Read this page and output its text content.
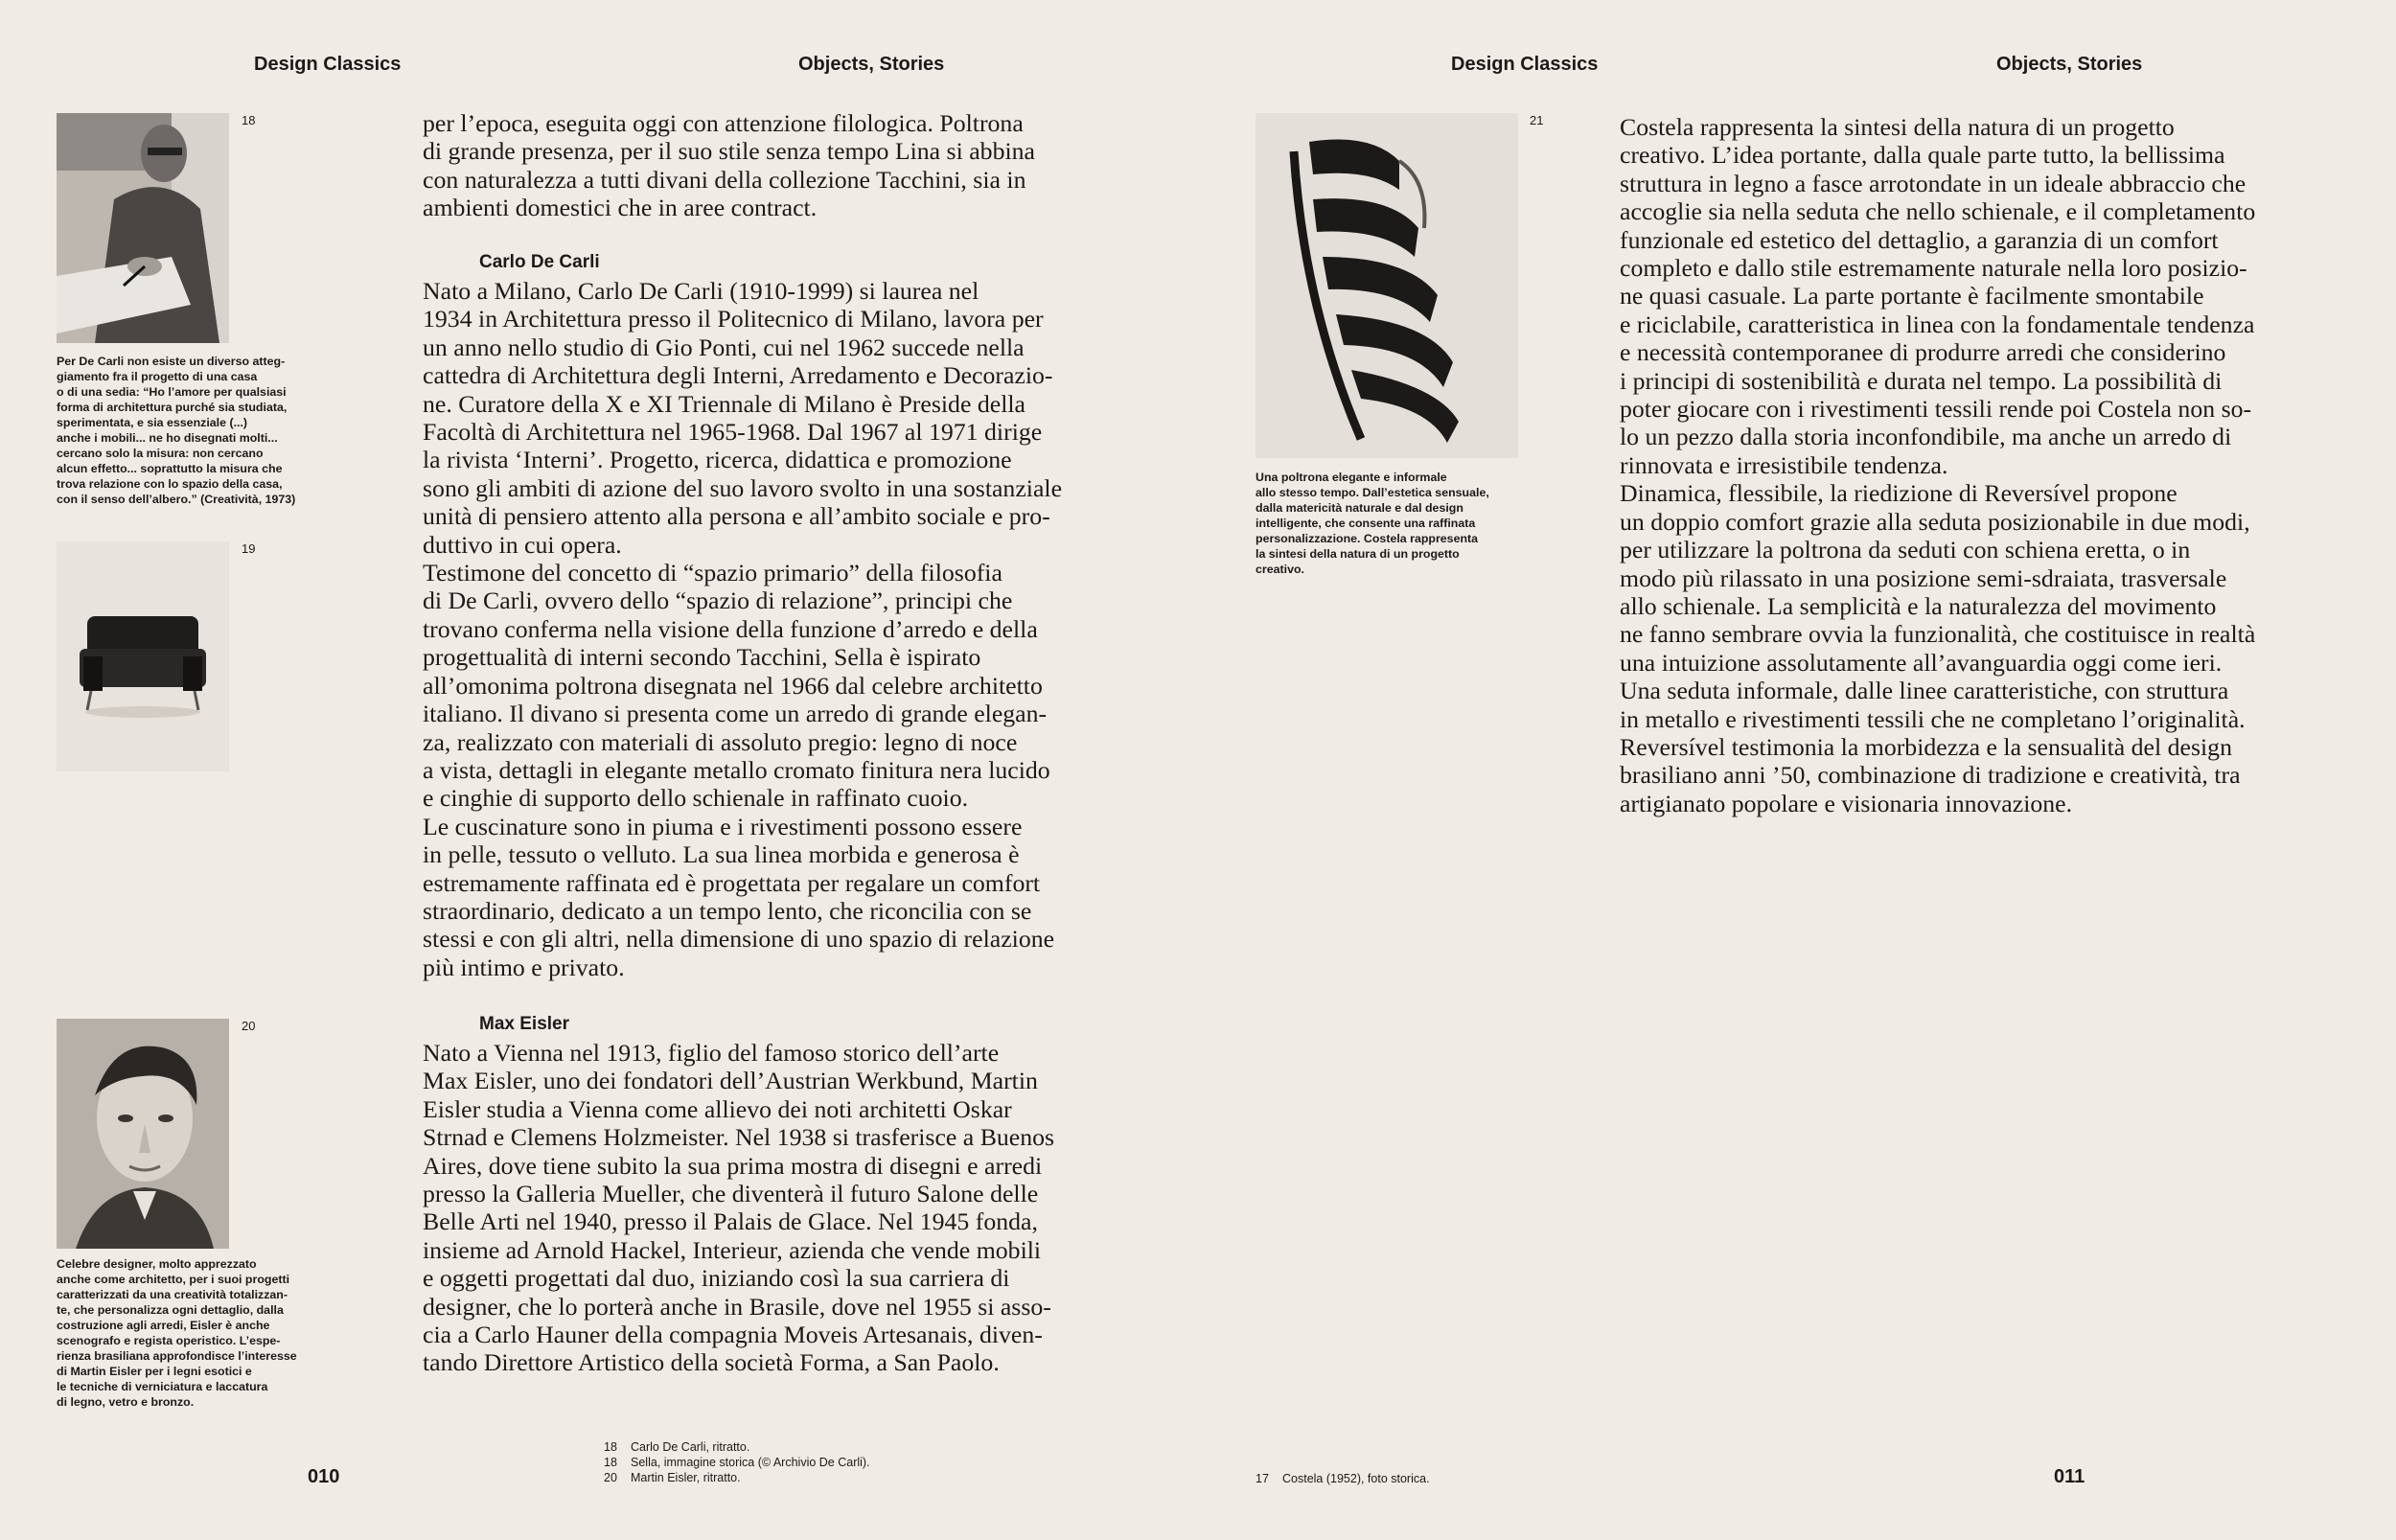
Design Classics	Objects, Stories
18
Per De Carli non esiste un diverso atteg-
giamento fra il progetto di una casa
o di una sedia: “Ho l’amore per qualsiasi
forma di architettura purché sia studiata,
sperimentata, e sia essenziale (...)
anche i mobili... ne ho disegnati molti...
cercano solo la misura: non cercano
alcun effetto... soprattutto la misura che
trova relazione con lo spazio della casa,
con il senso dell’albero.” (Creatività, 1973)
19
20
Celebre designer, molto apprezzato
anche come architetto, per i suoi progetti
caratterizzati da una creatività totalizzan-
te, che personalizza ogni dettaglio, dalla
costruzione agli arredi, Eisler è anche
scenografo e regista operistico. L’espe-
rienza brasiliana approfondisce l’interesse
di Martin Eisler per i legni esotici e
le tecniche di verniciatura e laccatura
di legno, vetro e bronzo.
per l’epoca, eseguita oggi con attenzione filologica. Poltrona
di grande presenza, per il suo stile senza tempo Lina si abbina
con naturalezza a tutti divani della collezione Tacchini, sia in
ambienti domestici che in aree contract.
Carlo De Carli
Nato a Milano, Carlo De Carli (1910-1999) si laurea nel
1934 in Architettura presso il Politecnico di Milano, lavora per
un anno nello studio di Gio Ponti, cui nel 1962 succede nella
cattedra di Architettura degli Interni, Arredamento e Decorazio-
ne. Curatore della X e XI Triennale di Milano è Preside della
Facoltà di Architettura nel 1965-1968. Dal 1967 al 1971 dirige
la rivista ‘Interni’. Progetto, ricerca, didattica e promozione
sono gli ambiti di azione del suo lavoro svolto in una sostanziale
unità di pensiero attento alla persona e all’ambito sociale e pro-
duttivo in cui opera.
Testimone del concetto di “spazio primario” della filosofia
di De Carli, ovvero dello “spazio di relazione”, principi che
trovano conferma nella visione della funzione d’arredo e della
progettualità di interni secondo Tacchini, Sella è ispirato
all’omonima poltrona disegnata nel 1966 dal celebre architetto
italiano. Il divano si presenta come un arredo di grande elegan-
za, realizzato con materiali di assoluto pregio: legno di noce
a vista, dettagli in elegante metallo cromato finitura nera lucido
e cinghie di supporto dello schienale in raffinato cuoio.
Le cuscinature sono in piuma e i rivestimenti possono essere
in pelle, tessuto o velluto. La sua linea morbida e generosa è
estremamente raffinata ed è progettata per regalare un comfort
straordinario, dedicato a un tempo lento, che riconcilia con se
stessi e con gli altri, nella dimensione di uno spazio di relazione
più intimo e privato.
Max Eisler
Nato a Vienna nel 1913, figlio del famoso storico dell’arte
Max Eisler, uno dei fondatori dell’Austrian Werkbund, Martin
Eisler studia a Vienna come allievo dei noti architetti Oskar
Strnad e Clemens Holzmeister. Nel 1938 si trasferisce a Buenos
Aires, dove tiene subito la sua prima mostra di disegni e arredi
presso la Galleria Mueller, che diventerà il futuro Salone delle
Belle Arti nel 1940, presso il Palais de Glace. Nel 1945 fonda,
insieme ad Arnold Hackel, Interieur, azienda che vende mobili
e oggetti progettati dal duo, iniziando così la sua carriera di
designer, che lo porterà anche in Brasile, dove nel 1955 si asso-
cia a Carlo Hauner della compagnia Moveis Artesanais, diven-
tando Direttore Artistico della società Forma, a San Paolo.
18 Carlo De Carli, ritratto.
18 Sella, immagine storica (© Archivio De Carli).
20 Martin Eisler, ritratto.
010
Design Classics	Objects, Stories
21
Una poltrona elegante e informale
allo stesso tempo. Dall’estetica sensuale,
dalla matericità naturale e dal design
intelligente, che consente una raffinata
personalizzazione. Costela rappresenta
la sintesi della natura di un progetto
creativo.
Costela rappresenta la sintesi della natura di un progetto
creativo. L’idea portante, dalla quale parte tutto, la bellissima
struttura in legno a fasce arrotondate in un ideale abbraccio che
accoglie sia nella seduta che nello schienale, e il completamento
funzionale ed estetico del dettaglio, a garanzia di un comfort
completo e dallo stile estremamente naturale nella loro posizio-
ne quasi casuale. La parte portante è facilmente smontabile
e riciclabile, caratteristica in linea con la fondamentale tendenza
e necessità contemporanee di produrre arredi che considerino
i principi di sostenibilità e durata nel tempo. La possibilità di
poter giocare con i rivestimenti tessili rende poi Costela non so-
lo un pezzo dalla storia inconfondibile, ma anche un arredo di
rinnovata e irresistibile tendenza.
Dinamica, flessibile, la riedizione di Reversível propone
un doppio comfort grazie alla seduta posizionabile in due modi,
per utilizzare la poltrona da seduti con schiena eretta, o in
modo più rilassato in una posizione semi-sdraiata, trasversale
allo schienale. La semplicità e la naturalezza del movimento
ne fanno sembrare ovvia la funzionalità, che costituisce in realtà
una intuizione assolutamente all’avanguardia oggi come ieri.
Una seduta informale, dalle linee caratteristiche, con struttura
in metallo e rivestimenti tessili che ne completano l’originalità.
Reversível testimonia la morbidezza e la sensualità del design
brasiliano anni ’50, combinazione di tradizione e creatività, tra
artigianato popolare e visionaria innovazione.
17 Costela (1952), foto storica.	011
